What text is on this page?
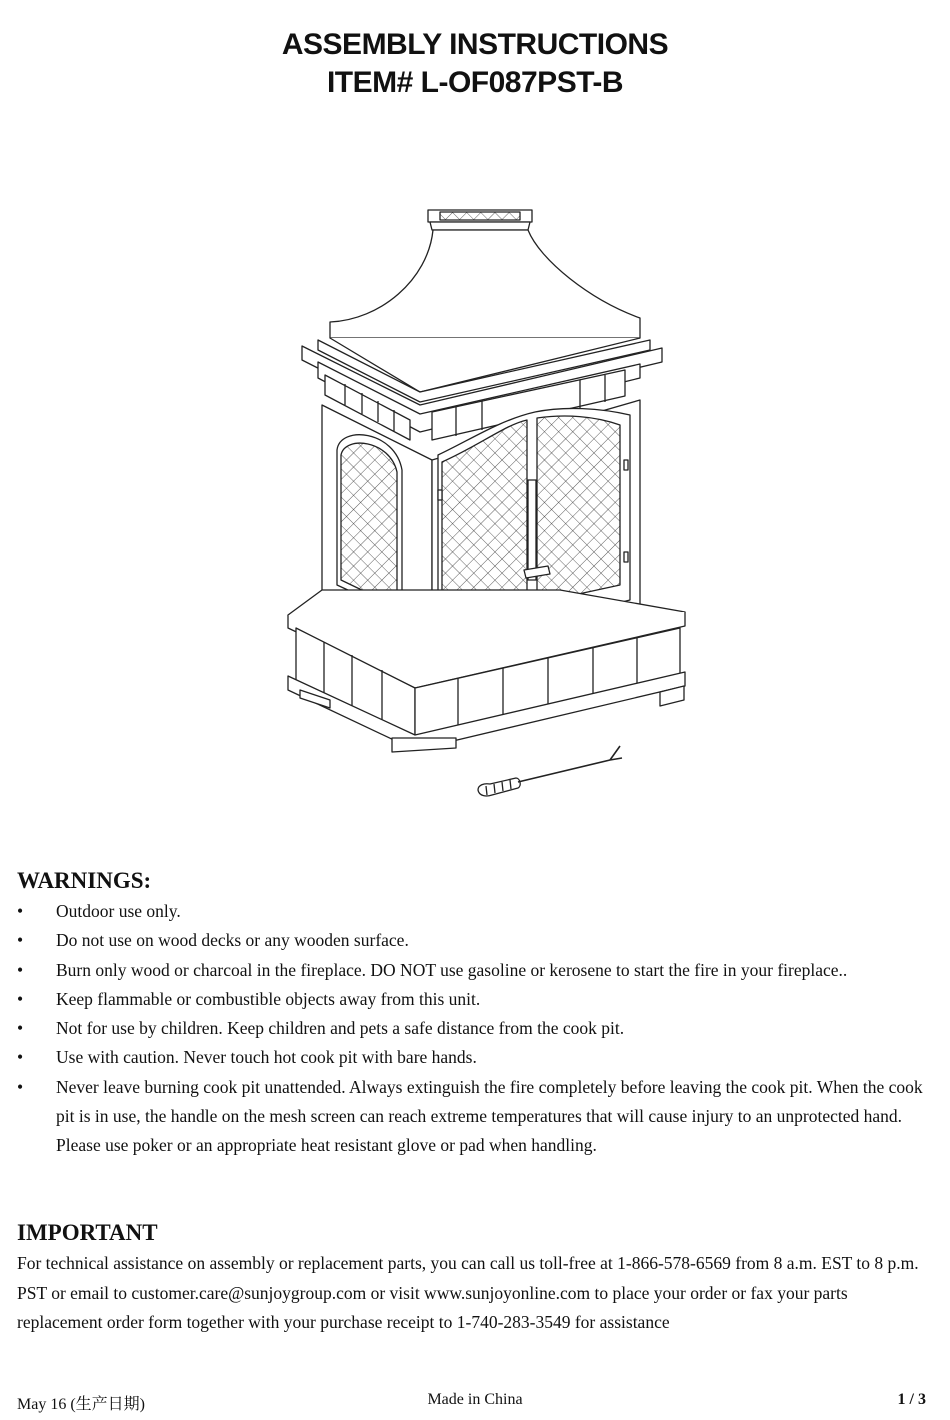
ASSEMBLY INSTRUCTIONS
ITEM# L-OF087PST-B
WARNINGS:
• Outdoor use only.
• Do not use on wood decks or any wooden surface.
• Burn only wood or charcoal in the fireplace. DO NOT use gasoline or kerosene to start the fire in your fireplace..
• Keep flammable or combustible objects away from this unit.
• Not for use by children. Keep children and pets a safe distance from the cook pit.
• Use with caution. Never touch hot cook pit with bare hands.
• Never leave burning cook pit unattended. Always extinguish the fire completely before leaving the cook pit. When the cook pit is in use, the handle on the mesh screen can reach extreme temperatures that will cause injury to an unprotected hand. Please use poker or an appropriate heat resistant glove or pad when handling.
IMPORTANT
For technical assistance on assembly or replacement parts, you can call us toll-free at 1-866-578-6569 from 8 a.m. EST to 8 p.m. PST or email to customer.care@sunjoygroup.com or visit www.sunjoyonline.com to place your order or fax your parts replacement order form together with your purchase receipt to 1-740-283-3549 for assistance
May 16 (生产日期)	Made in China	1 / 3
